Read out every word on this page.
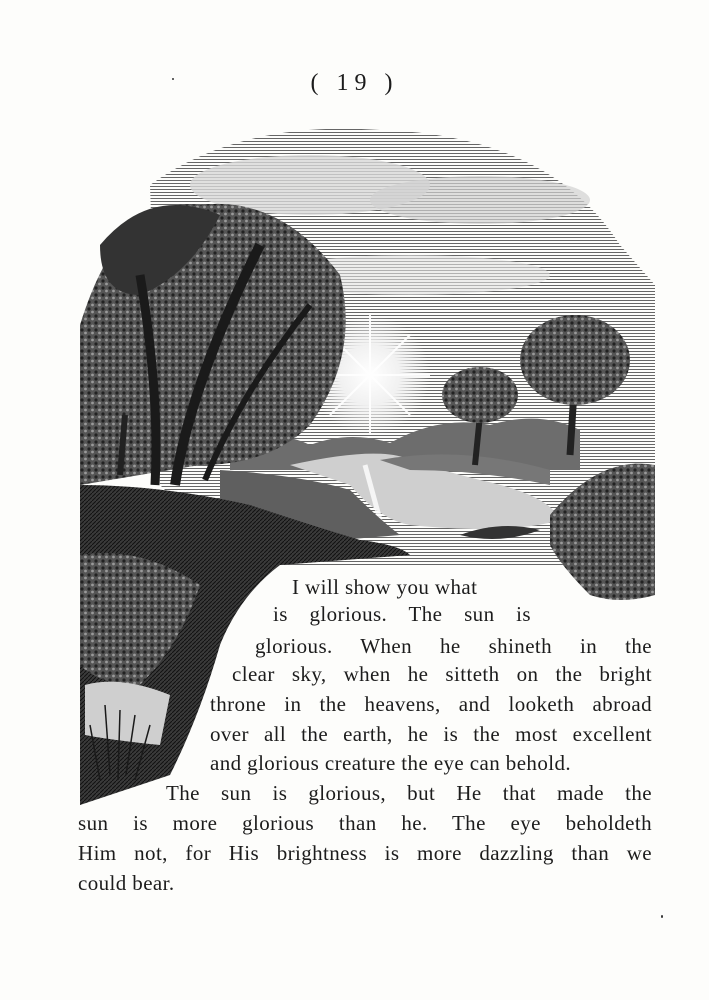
( 19 )
I will show you what
is glorious. The sun is
glorious. When he shineth in the
clear sky, when he sitteth on the bright
throne in the heavens, and looketh abroad
over all the earth, he is the most excellent
and glorious creature the eye can behold.
The sun is glorious, but He that made the
sun is more glorious than he. The eye beholdeth
Him not, for His brightness is more dazzling than we
could bear.
